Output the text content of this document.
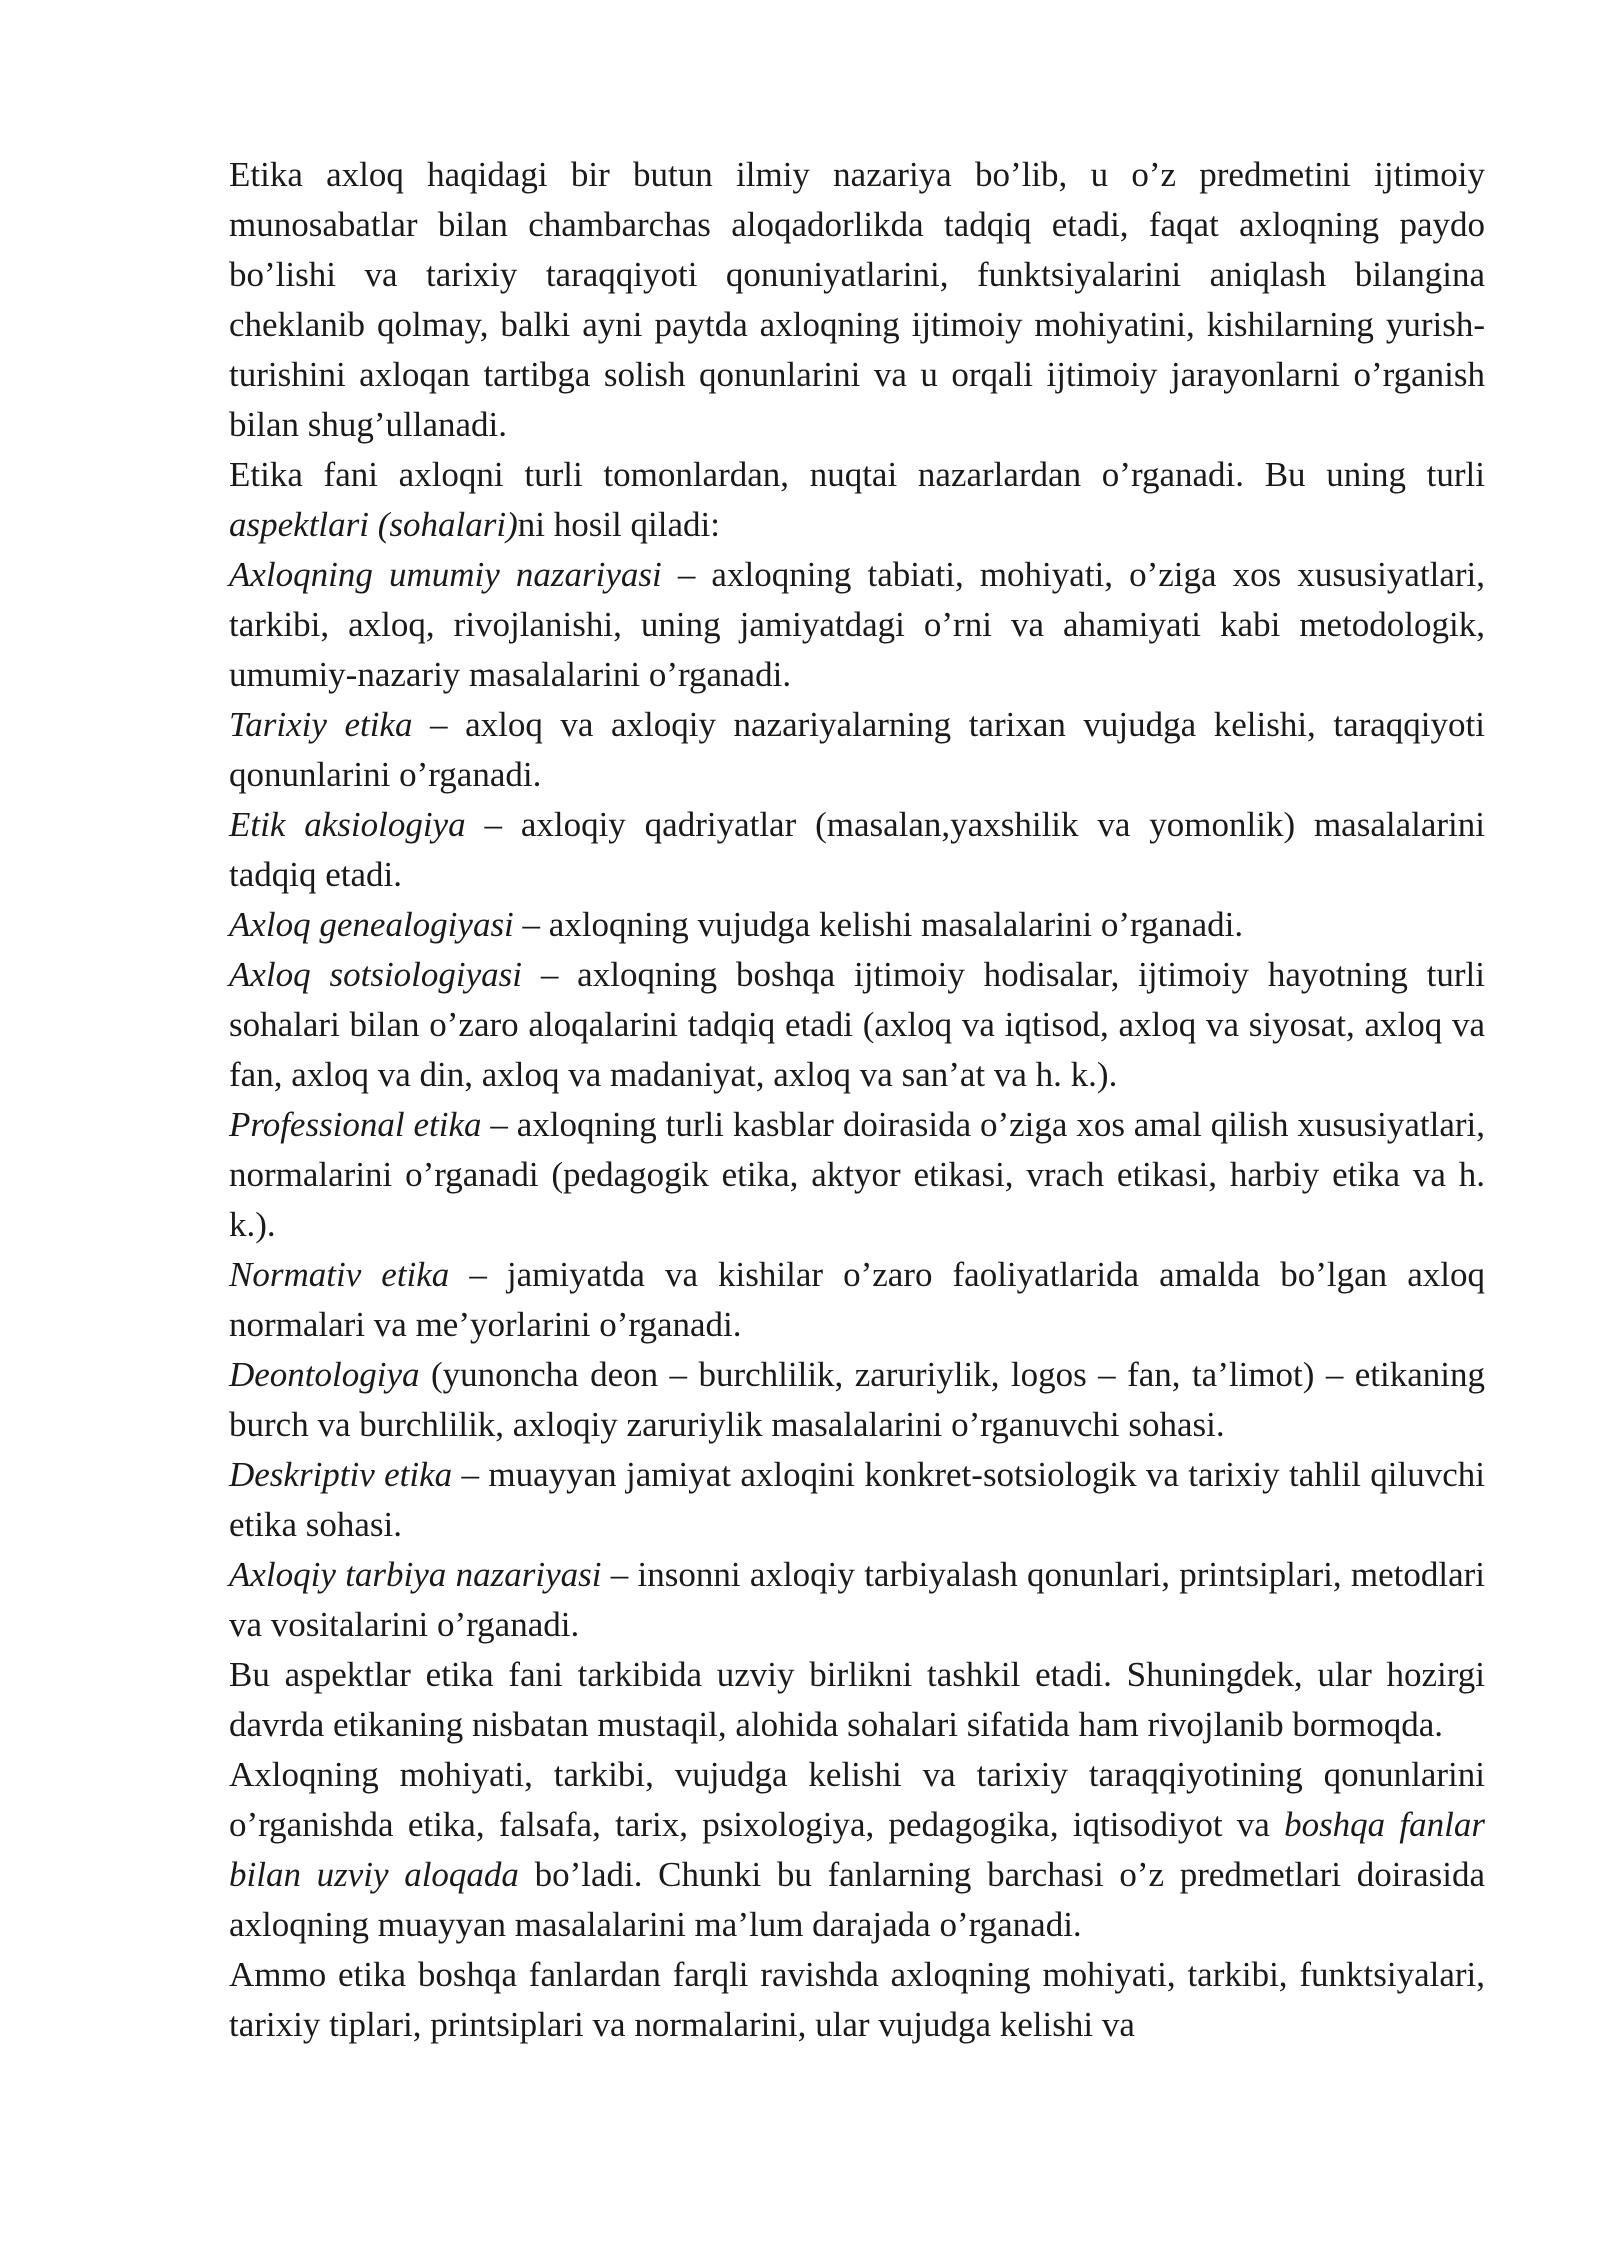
Etika axloq haqidagi bir butun ilmiy nazariya bo’lib, u o’z predmetini ijtimoiy munosabatlar bilan chambarchas aloqadorlikda tadqiq etadi, faqat axloqning paydo bo’lishi va tarixiy taraqqiyoti qonuniyatlarini, funktsiyalarini aniqlash bilangina cheklanib qolmay, balki ayni paytda axloqning ijtimoiy mohiyatini, kishilarning yurish-turishini axloqan tartibga solish qonunlarini va u orqali ijtimoiy jarayonlarni o’rganish bilan shug’ullanadi.

Etika fani axloqni turli tomonlardan, nuqtai nazarlardan o’rganadi. Bu uning turli aspektlari (sohalari)ni hosil qiladi:

Axloqning umumiy nazariyasi – axloqning tabiati, mohiyati, o’ziga xos xususiyatlari, tarkibi, axloq, rivojlanishi, uning jamiyatdagi o’rni va ahamiyati kabi metodologik, umumiy-nazariy masalalarini o’rganadi.

Tarixiy etika – axloq va axloqiy nazariyalarning tarixan vujudga kelishi, taraqqiyoti qonunlarini o’rganadi.

Etik aksiologiya – axloqiy qadriyatlar (masalan,yaxshilik va yomonlik) masalalarini tadqiq etadi.

Axloq genealogiyasi – axloqning vujudga kelishi masalalarini o’rganadi.

Axloq sotsiologiyasi – axloqning boshqa ijtimoiy hodisalar, ijtimoiy hayotning turli sohalari bilan o’zaro aloqalarini tadqiq etadi (axloq va iqtisod, axloq va siyosat, axloq va fan, axloq va din, axloq va madaniyat, axloq va san’at va h. k.).

Professional etika – axloqning turli kasblar doirasida o’ziga xos amal qilish xususiyatlari, normalarini o’rganadi (pedagogik etika, aktyor etikasi, vrach etikasi, harbiy etika va h. k.).

Normativ etika – jamiyatda va kishilar o’zaro faoliyatlarida amalda bo’lgan axloq normalari va me’yorlarini o’rganadi.

Deontologiya (yunoncha deon – burchlilik, zaruriylik, logos – fan, ta’limot) – etikaning burch va burchlilik, axloqiy zaruriylik masalalarini o’rganuvchi sohasi.

Deskriptiv etika – muayyan jamiyat axloqini konkret-sotsiologik va tarixiy tahlil qiluvchi etika sohasi.

Axloqiy tarbiya nazariyasi – insonni axloqiy tarbiyalash qonunlari, printsiplari, metodlari va vositalarini o’rganadi.

Bu aspektlar etika fani tarkibida uzviy birlikni tashkil etadi. Shuningdek, ular hozirgi davrda etikaning nisbatan mustaqil, alohida sohalari sifatida ham rivojlanib bormoqda.

Axloqning mohiyati, tarkibi, vujudga kelishi va tarixiy taraqqiyotining qonunlarini o’rganishda etika, falsafa, tarix, psixologiya, pedagogika, iqtisodiyot va boshqa fanlar bilan uzviy aloqada bo’ladi. Chunki bu fanlarning barchasi o’z predmetlari doirasida axloqning muayyan masalalarini ma’lum darajada o’rganadi.

Ammo etika boshqa fanlardan farqli ravishda axloqning mohiyati, tarkibi, funktsiyalari, tarixiy tiplari, printsiplari va normalarini, ular vujudga kelishi va
